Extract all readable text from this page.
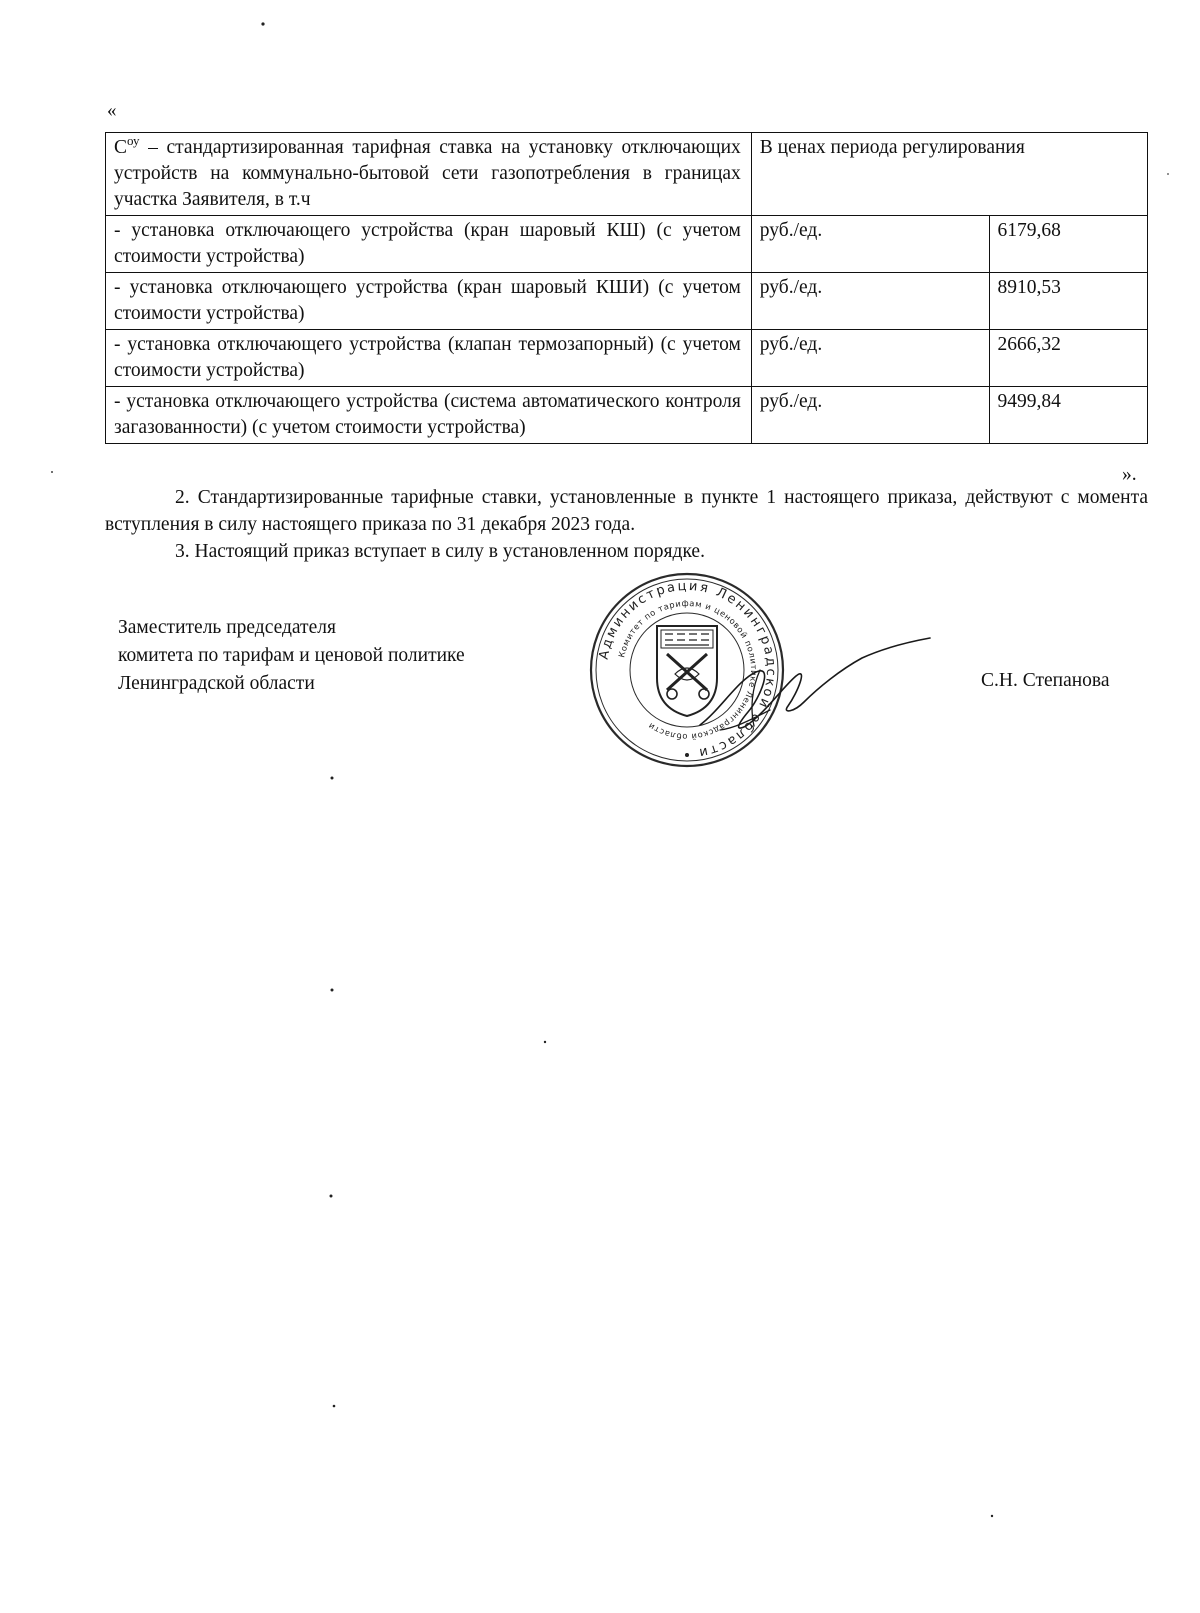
«
$С^{оу}$ – стандартизированная тарифная ставка на установку отключающих устройств на коммунально-бытовой сети газопотребления в границах участка Заявителя, в т.ч	В ценах периода регулирования	
- установка отключающего устройства (кран шаровый КШ) (с учетом стоимости устройства)	руб./ед.	6179,68
- установка отключающего устройства (кран шаровый КШИ) (с учетом стоимости устройства)	руб./ед.	8910,53
- установка отключающего устройства (клапан термозапорный) (с учетом стоимости устройства)	руб./ед.	2666,32
- установка отключающего устройства (система автоматического контроля загазованности) (с учетом стоимости устройства)	руб./ед.	9499,84
».
2. Стандартизированные тарифные ставки, установленные в пункте 1 настоящего приказа, действуют с момента вступления в силу настоящего приказа по 31 декабря 2023 года.
3. Настоящий приказ вступает в силу в установленном порядке.
Заместитель председателя
комитета по тарифам и ценовой политике
Ленинградской области
Администрация Ленинградской области
Комитет по тарифам и ценовой политике Ленинградской области
С.Н. Степанова
